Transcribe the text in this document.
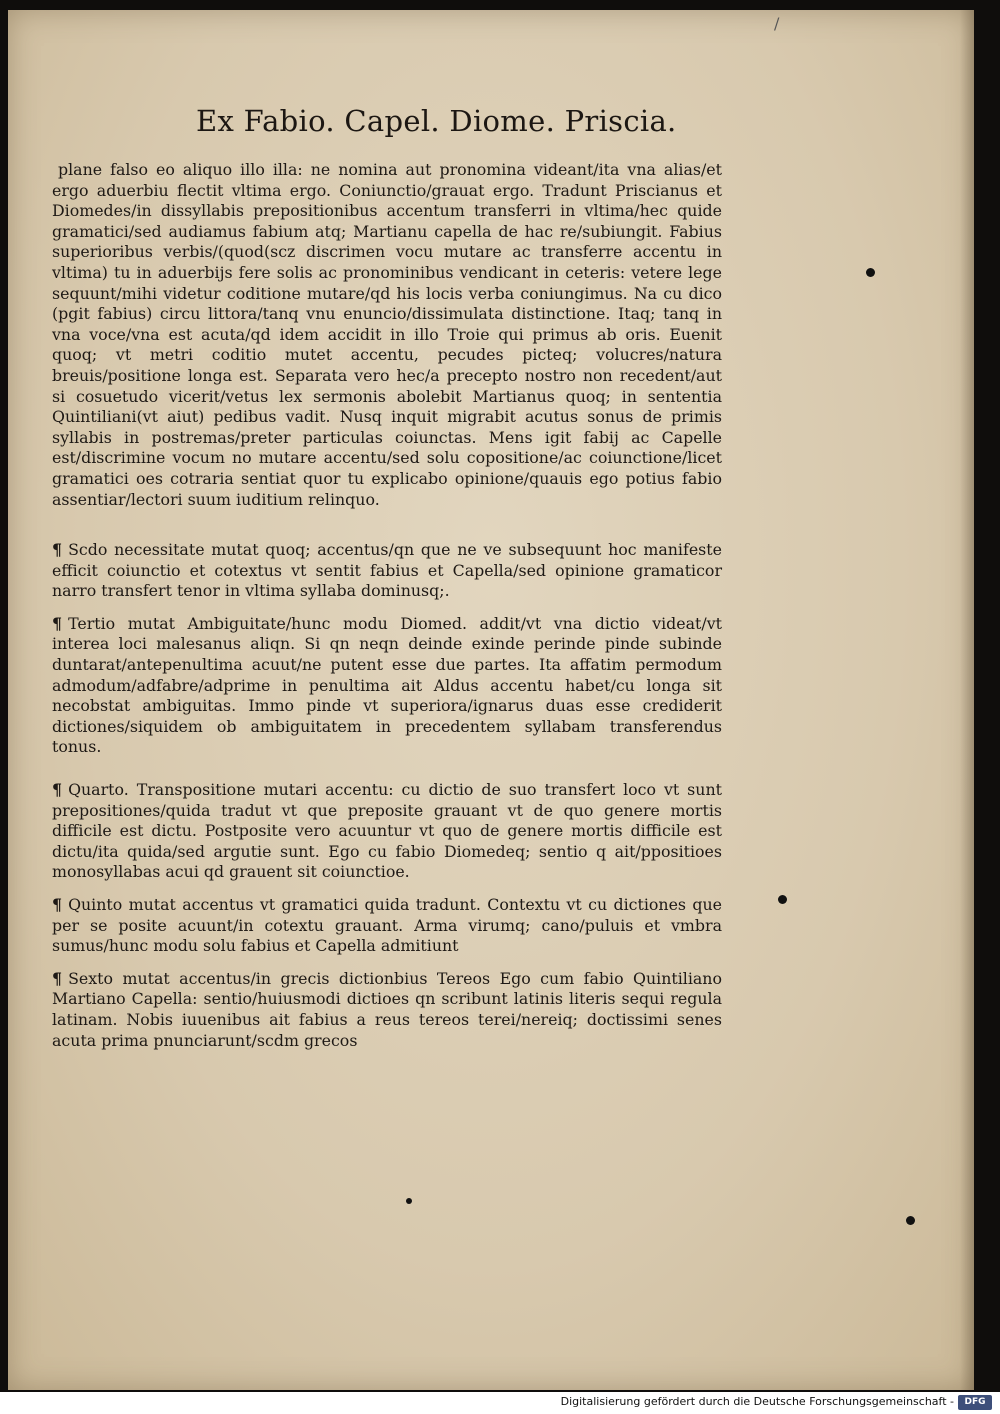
/
Ex Fabio. Capel. Diome. Priscia.

plane falso eo aliquo illo illa: ne nomina aut pronomina videant/ita vna alias/et ergo aduerbiu flectit vltima ergo. Coniunctio/grauat ergo. Tradunt Priscianus et Diomedes/in dissyllabis prepositionibus accentum transferri in vltima/hec quide gramatici/sed audiamus fabium atq; Martianu capella de hac re/subiungit. Fabius superioribus verbis/(quod(scz discrimen vocu mutare ac transferre accentu in vltima) tu in aduerbijs fere solis ac pronominibus vendicant in ceteris: vetere lege sequunt/mihi videtur coditione mutare/qd his locis verba coniungimus. Na cu dico (pgit fabius) circu littora/tanq vnu enuncio/dissimulata distinctione. Itaq; tanq in vna voce/vna est acuta/qd idem accidit in illo Troie qui primus ab oris. Euenit quoq; vt metri coditio mutet accentu, pecudes picteq; volucres/natura breuis/positione longa est. Separata vero hec/a precepto nostro non recedent/aut si cosuetudo vicerit/vetus lex sermonis abolebit Martianus quoq; in sententia Quintiliani(vt aiut) pedibus vadit. Nusq inquit migrabit acutus sonus de primis syllabis in postremas/preter particulas coiunctas. Mens igit fabij ac Capelle est/discrimine vocum no mutare accentu/sed solu copositione/ac coiunctione/licet gramatici oes cotraria sentiat quor tu explicabo opinione/quauis ego potius fabio assentiar/lectori suum iuditium relinquo.

¶ Scdo necessitate mutat quoq; accentus/qn que ne ve subsequunt hoc manifeste efficit coiunctio et cotextus vt sentit fabius et Capella/sed opinione gramaticor narro transfert tenor in vltima syllaba dominusq;.

¶ Tertio mutat Ambiguitate/hunc modu Diomed. addit/vt vna dictio videat/vt interea loci malesanus aliqn. Si qn neqn deinde exinde perinde pinde subinde duntarat/antepenultima acuut/ne putent esse due partes. Ita affatim permodum admodum/adfabre/adprime in penultima ait Aldus accentu habet/cu longa sit necobstat ambiguitas. Immo pinde vt superiora/ignarus duas esse crediderit dictiones/siquidem ob ambiguitatem in precedentem syllabam transferendus tonus.

¶ Quarto. Transpositione mutari accentu: cu dictio de suo transfert loco vt sunt prepositiones/quida tradut vt que preposite grauant vt de quo genere mortis difficile est dictu. Postposite vero acuuntur vt quo de genere mortis difficile est dictu/ita quida/sed argutie sunt. Ego cu fabio Diomedeq; sentio q ait/ppositioes monosyllabas acui qd grauent sit coiunctioe.

¶ Quinto mutat accentus vt gramatici quida tradunt. Contextu vt cu dictiones que per se posite acuunt/in cotextu grauant. Arma virumq; cano/puluis et vmbra sumus/hunc modu solu fabius et Capella admitiunt

¶ Sexto mutat accentus/in grecis dictionbius Tereos Ego cum fabio Quintiliano Martiano Capella: sentio/huiusmodi dictioes qn scribunt latinis literis sequi regula latinam. Nobis iuuenibus ait fabius a reus tereos terei/nereiq; doctissimi senes acuta prima pnunciarunt/scdm grecos

Digitalisierung gefördert durch die Deutsche Forschungsgemeinschaft -	DFG
